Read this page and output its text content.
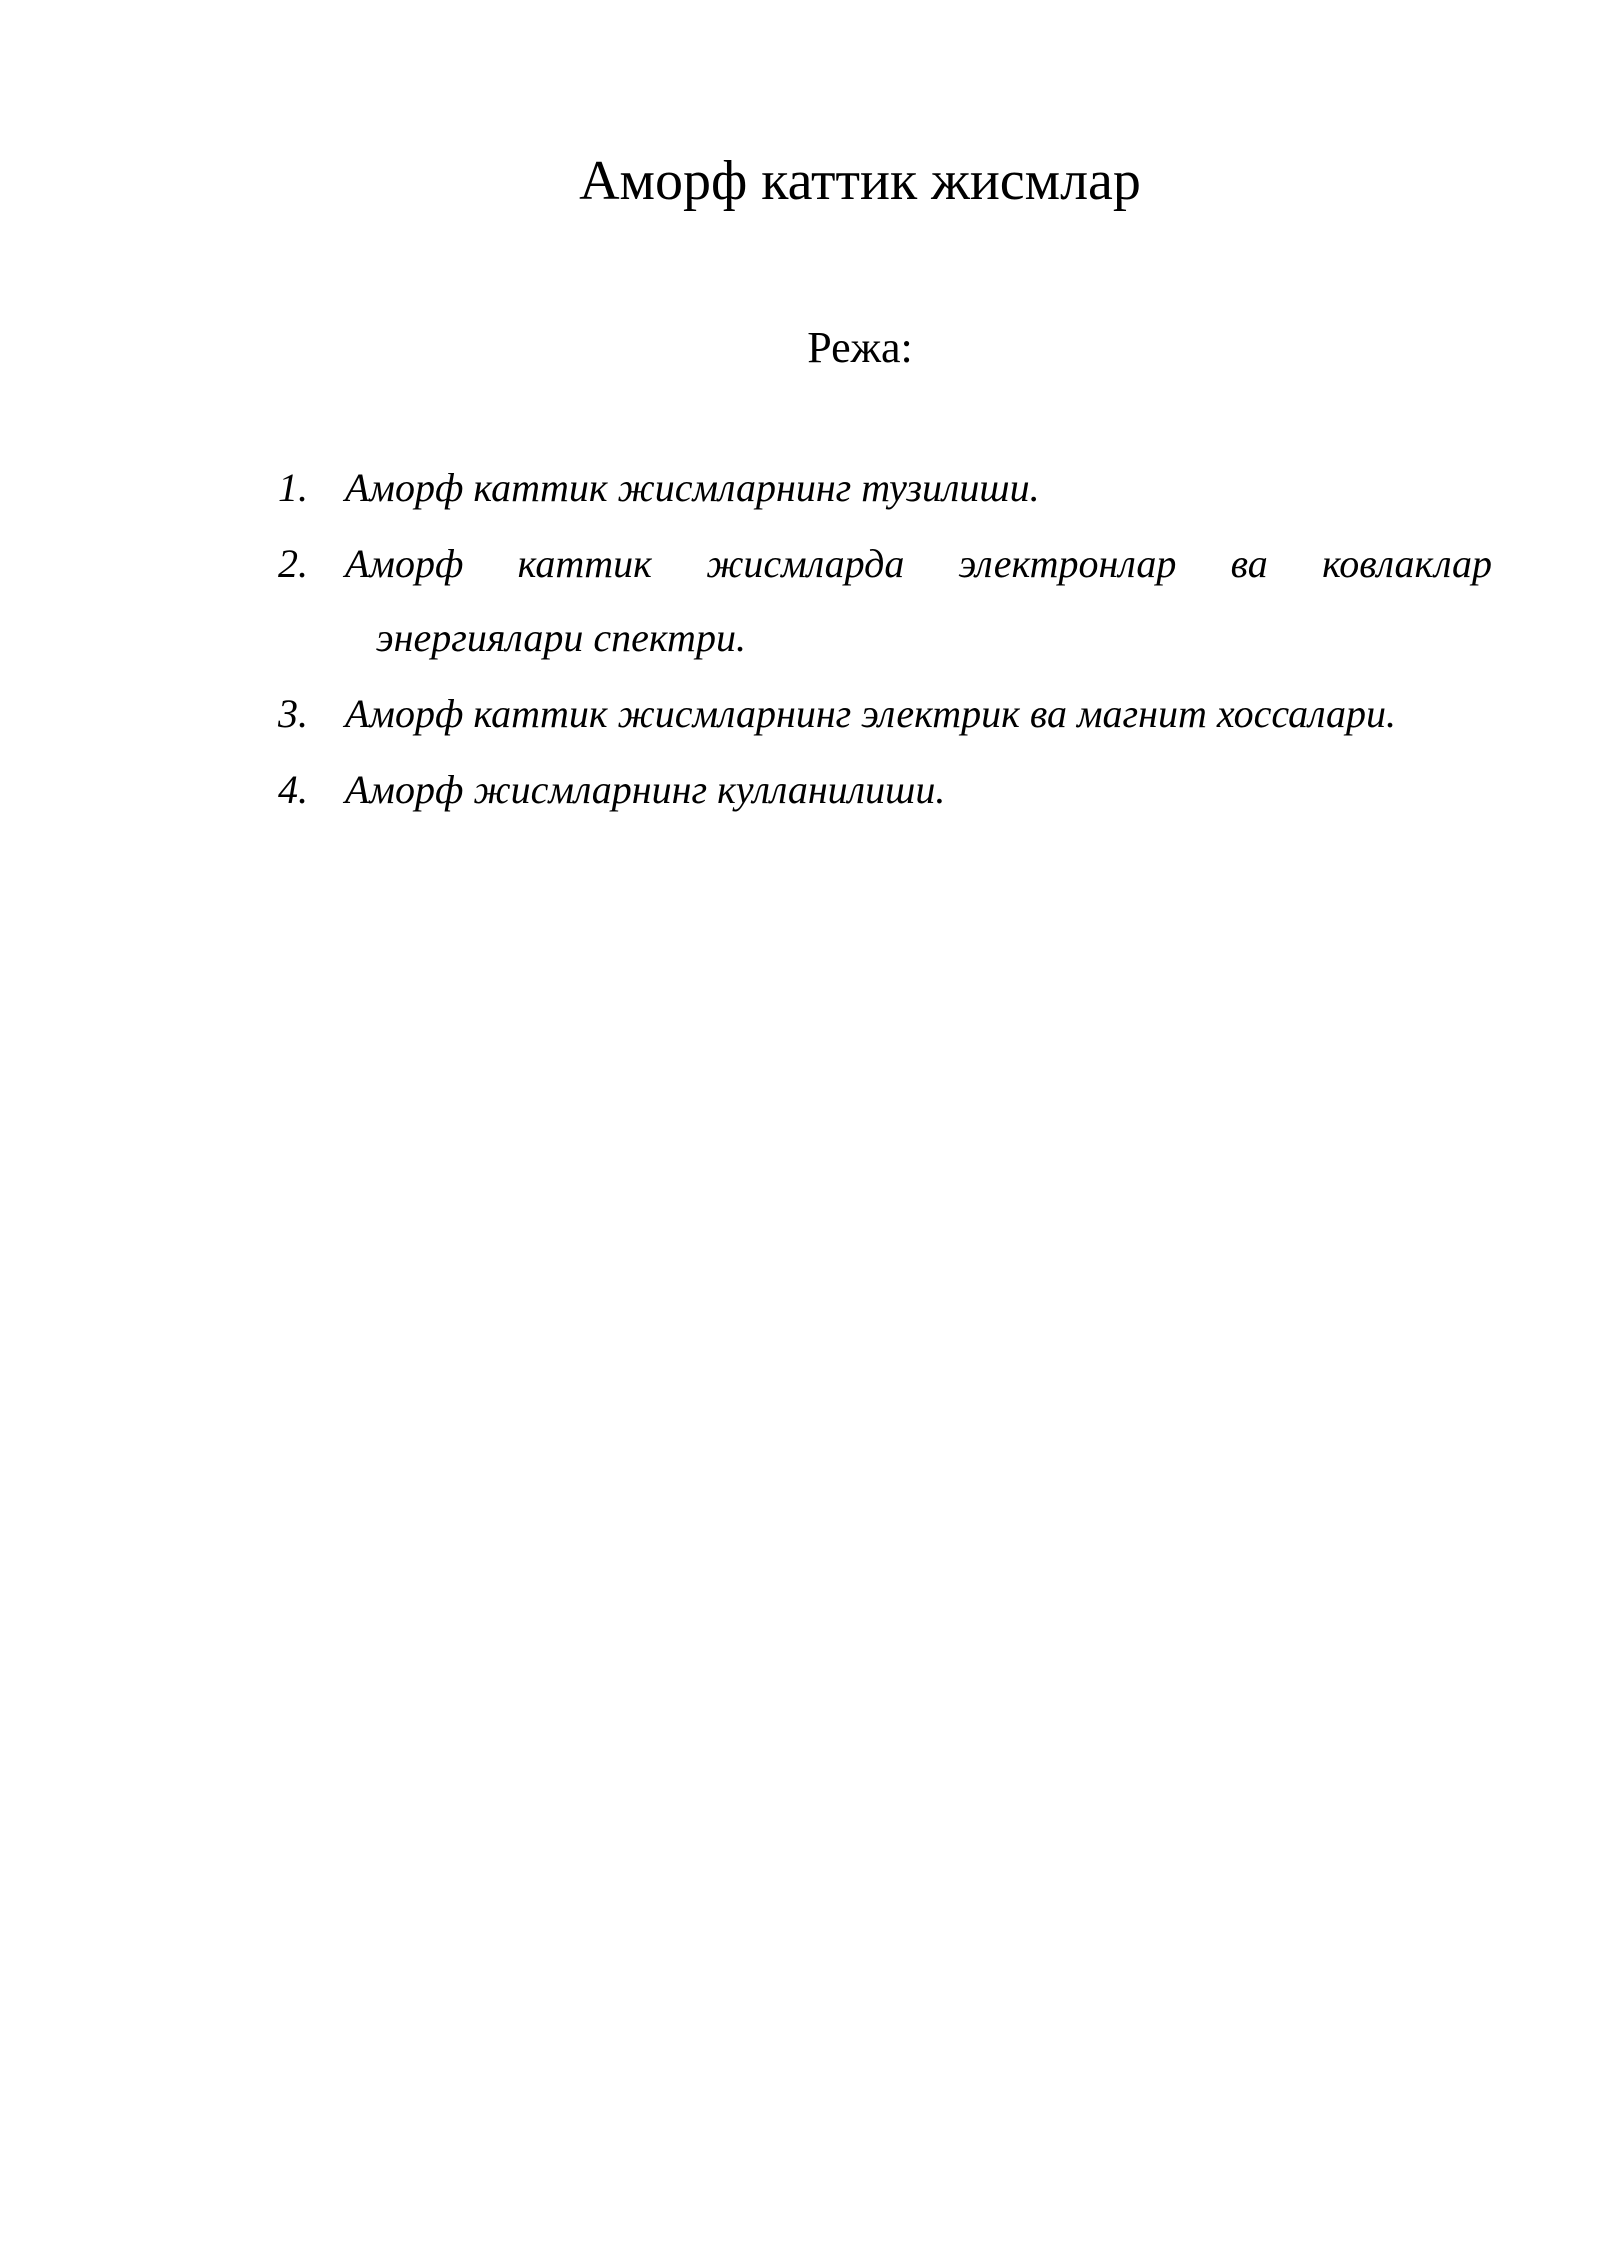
Аморф каттик жисмлар
Режа:
1. Аморф каттик жисмларнинг тузилиши.
2. Аморф каттик жисмларда электронлар ва ковлаклар
энергиялари спектри.
3. Аморф каттик жисмларнинг электрик ва магнит хоссалари.
4. Аморф жисмларнинг кулланилиши.
